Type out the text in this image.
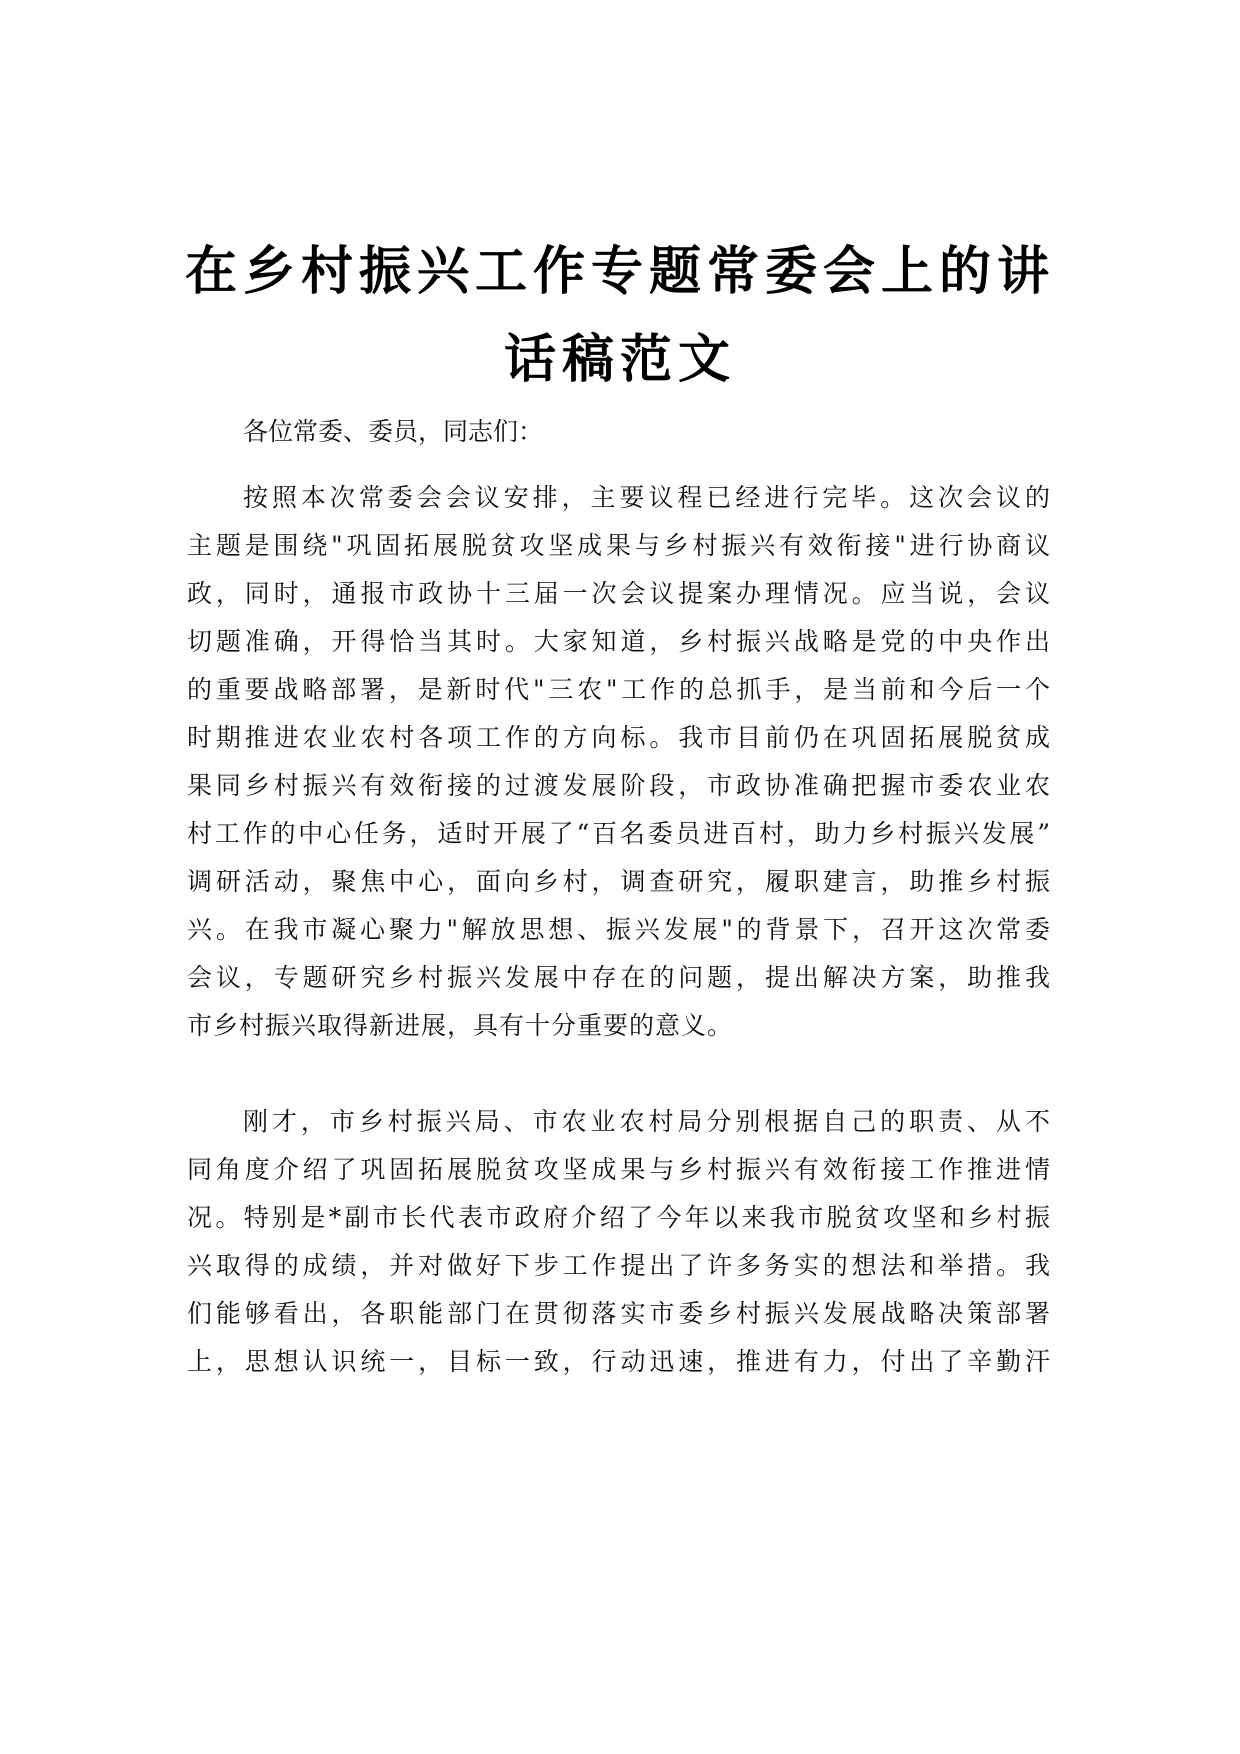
在乡村振兴工作专题常委会上的讲
话稿范文

各位常委、委员，同志们：

按照本次常委会会议安排，主要议程已经进行完毕。这次会议的
主题是围绕"巩固拓展脱贫攻坚成果与乡村振兴有效衔接"进行协商议
政，同时，通报市政协十三届一次会议提案办理情况。应当说，会议
切题准确，开得恰当其时。大家知道，乡村振兴战略是党的中央作出
的重要战略部署，是新时代"三农"工作的总抓手，是当前和今后一个
时期推进农业农村各项工作的方向标。我市目前仍在巩固拓展脱贫成
果同乡村振兴有效衔接的过渡发展阶段，市政协准确把握市委农业农
村工作的中心任务，适时开展了“百名委员进百村，助力乡村振兴发展”
调研活动，聚焦中心，面向乡村，调查研究，履职建言，助推乡村振
兴。在我市凝心聚力"解放思想、振兴发展"的背景下，召开这次常委
会议，专题研究乡村振兴发展中存在的问题，提出解决方案，助推我
市乡村振兴取得新进展，具有十分重要的意义。

刚才，市乡村振兴局、市农业农村局分别根据自己的职责、从不
同角度介绍了巩固拓展脱贫攻坚成果与乡村振兴有效衔接工作推进情
况。特别是*副市长代表市政府介绍了今年以来我市脱贫攻坚和乡村振
兴取得的成绩，并对做好下步工作提出了许多务实的想法和举措。我
们能够看出，各职能部门在贯彻落实市委乡村振兴发展战略决策部署
上，思想认识统一，目标一致，行动迅速，推进有力，付出了辛勤汗
